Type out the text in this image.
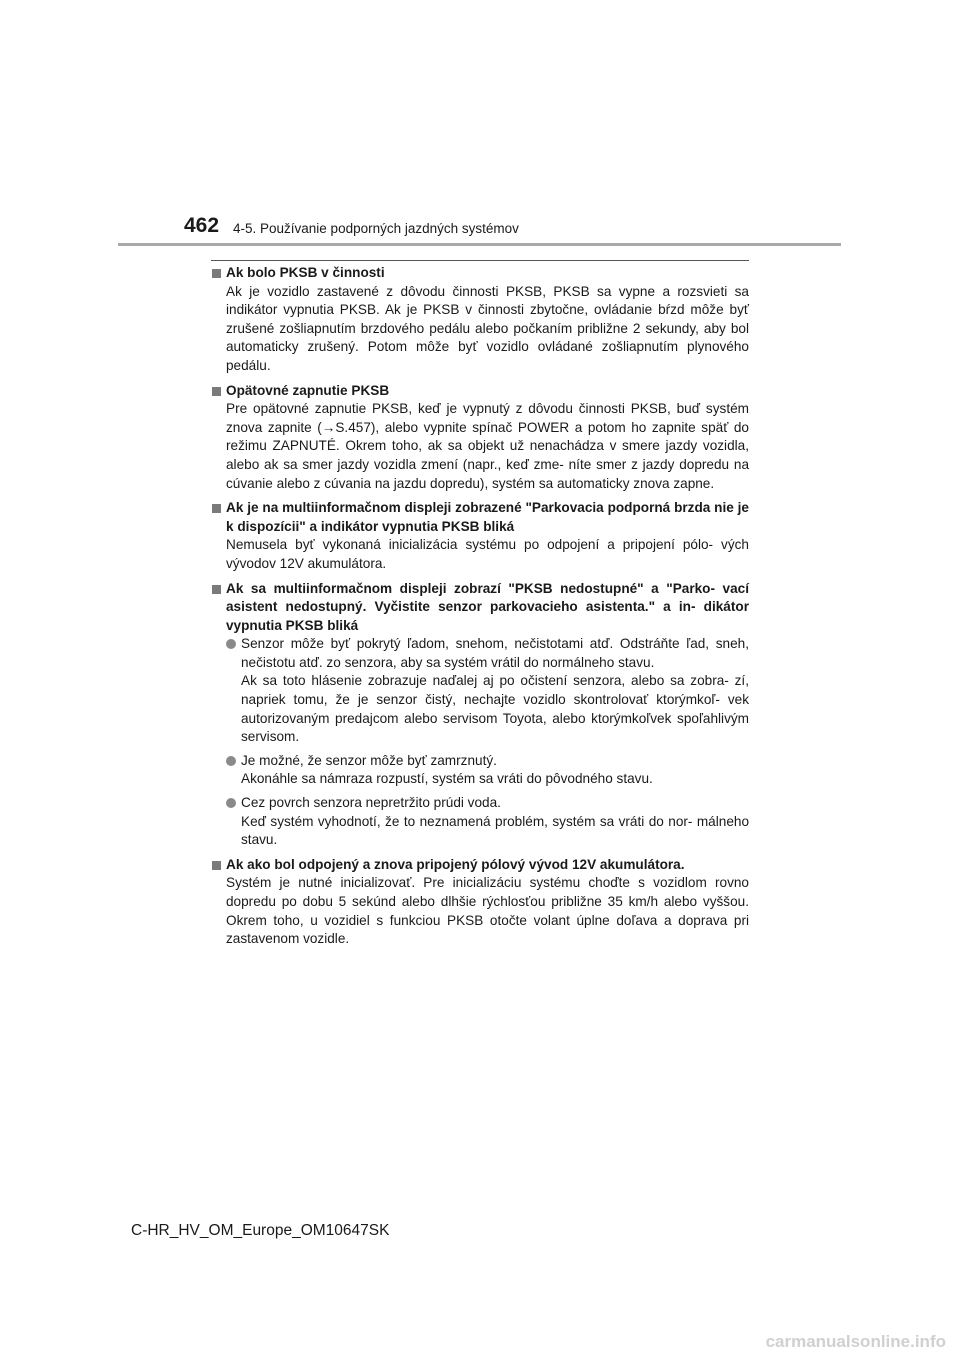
462 4-5. Používanie podporných jazdných systémov
Ak bolo PKSB v činnosti
Ak je vozidlo zastavené z dôvodu činnosti PKSB, PKSB sa vypne a rozsvieti sa indikátor vypnutia PKSB. Ak je PKSB v činnosti zbytočne, ovládanie bŕzd môže byť zrušené zošliapnutím brzdového pedálu alebo počkaním približne 2 sekundy, aby bol automaticky zrušený. Potom môže byť vozidlo ovládané zošliapnutím plynového pedálu.
Opätovné zapnutie PKSB
Pre opätovné zapnutie PKSB, keď je vypnutý z dôvodu činnosti PKSB, buď systém znova zapnite (→S.457), alebo vypnite spínač POWER a potom ho zapnite späť do režimu ZAPNUTÉ. Okrem toho, ak sa objekt už nenachádza v smere jazdy vozidla, alebo ak sa smer jazdy vozidla zmení (napr., keď zme- níte smer z jazdy dopredu na cúvanie alebo z cúvania na jazdu dopredu), systém sa automaticky znova zapne.
Ak je na multiinformačnom displeji zobrazené "Parkovacia podporná brzda nie je k dispozícii" a indikátor vypnutia PKSB bliká
Nemusela byť vykonaná inicializácia systému po odpojení a pripojení pólo- vých vývodov 12V akumulátora.
Ak sa multiinformačnom displeji zobrazí "PKSB nedostupné" a "Parko- vací asistent nedostupný. Vyčistite senzor parkovacieho asistenta." a in- dikátor vypnutia PKSB bliká
Senzor môže byť pokrytý ľadom, snehom, nečistotami atď. Odstráňte ľad, sneh, nečistotu atď. zo senzora, aby sa systém vrátil do normálneho stavu.
Ak sa toto hlásenie zobrazuje naďalej aj po očistení senzora, alebo sa zobra- zí, napriek tomu, že je senzor čistý, nechajte vozidlo skontrolovať ktorýmkoľ- vek autorizovaným predajcom alebo servisom Toyota, alebo ktorýmkoľvek spoľahlivým servisom.
Je možné, že senzor môže byť zamrznutý.
Akonáhle sa námraza rozpustí, systém sa vráti do pôvodného stavu.
Cez povrch senzora nepretržito prúdi voda.
Keď systém vyhodnotí, že to neznamená problém, systém sa vráti do nor- málneho stavu.
Ak ako bol odpojený a znova pripojený pólový vývod 12V akumulátora.
Systém je nutné inicializovať. Pre inicializáciu systému choďte s vozidlom rovno dopredu po dobu 5 sekúnd alebo dlhšie rýchlosťou približne 35 km/h alebo vyššou. Okrem toho, u vozidiel s funkciou PKSB otočte volant úplne doľava a doprava pri zastavenom vozidle.
C-HR_HV_OM_Europe_OM10647SK
carmanualsonline.info
